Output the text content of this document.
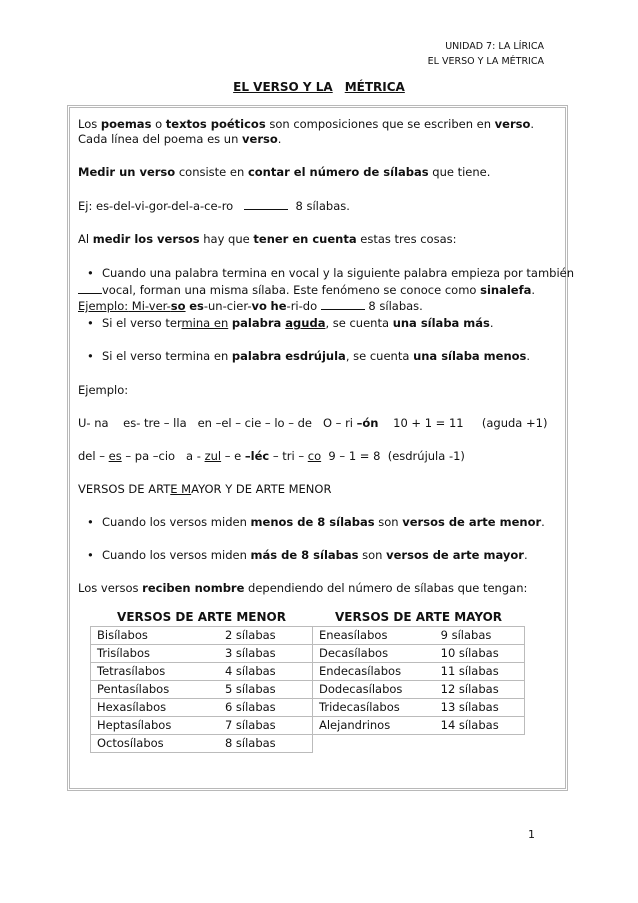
UNIDAD 7: LA LÍRICA
EL VERSO Y LA MÉTRICA
EL VERSO Y LA MÉTRICA
Los poemas o textos poéticos son composiciones que se escriben en verso.
Cada línea del poema es un verso.
Medir un verso consiste en contar el número de sílabas que tiene.
Ej: es-del-vi-gor-del-a-ce-ro	8 sílabas.
Al medir los versos hay que tener en cuenta estas tres cosas:
• Cuando una palabra termina en vocal y la siguiente palabra empieza por también
vocal, forman una misma sílaba. Este fenómeno se conoce como sinalefa.
Ejemplo: Mi-ver-so es-un-cier-vo he-ri-do	8 sílabas.
• Si el verso termina en palabra aguda, se cuenta una sílaba más.
• Si el verso termina en palabra esdrújula, se cuenta una sílaba menos.
Ejemplo:
U- na    es- tre – lla   en –el – cie – lo – de   O – ri –ón    10 + 1 = 11     (aguda +1)
del – es – pa –cio   a - zul – e –léc – tri – co  9 – 1 = 8  (esdrújula -1)
VERSOS DE ARTE MAYOR Y DE ARTE MENOR
• Cuando los versos miden menos de 8 sílabas son versos de arte menor.
• Cuando los versos miden más de 8 sílabas son versos de arte mayor.
Los versos reciben nombre dependiendo del número de sílabas que tengan:
VERSOS DE ARTE MENOR		VERSOS DE ARTE MAYOR	
Bisílabos	2 sílabas	Eneasílabos	9 sílabas
Trisílabos	3 sílabas	Decasílabos	10 sílabas
Tetrasílabos	4 sílabas	Endecasílabos	11 sílabas
Pentasílabos	5 sílabas	Dodecasílabos	12 sílabas
Hexasílabos	6 sílabas	Tridecasílabos	13 sílabas
Heptasílabos	7 sílabas	Alejandrinos	14 sílabas
Octosílabos	8 sílabas		
1
